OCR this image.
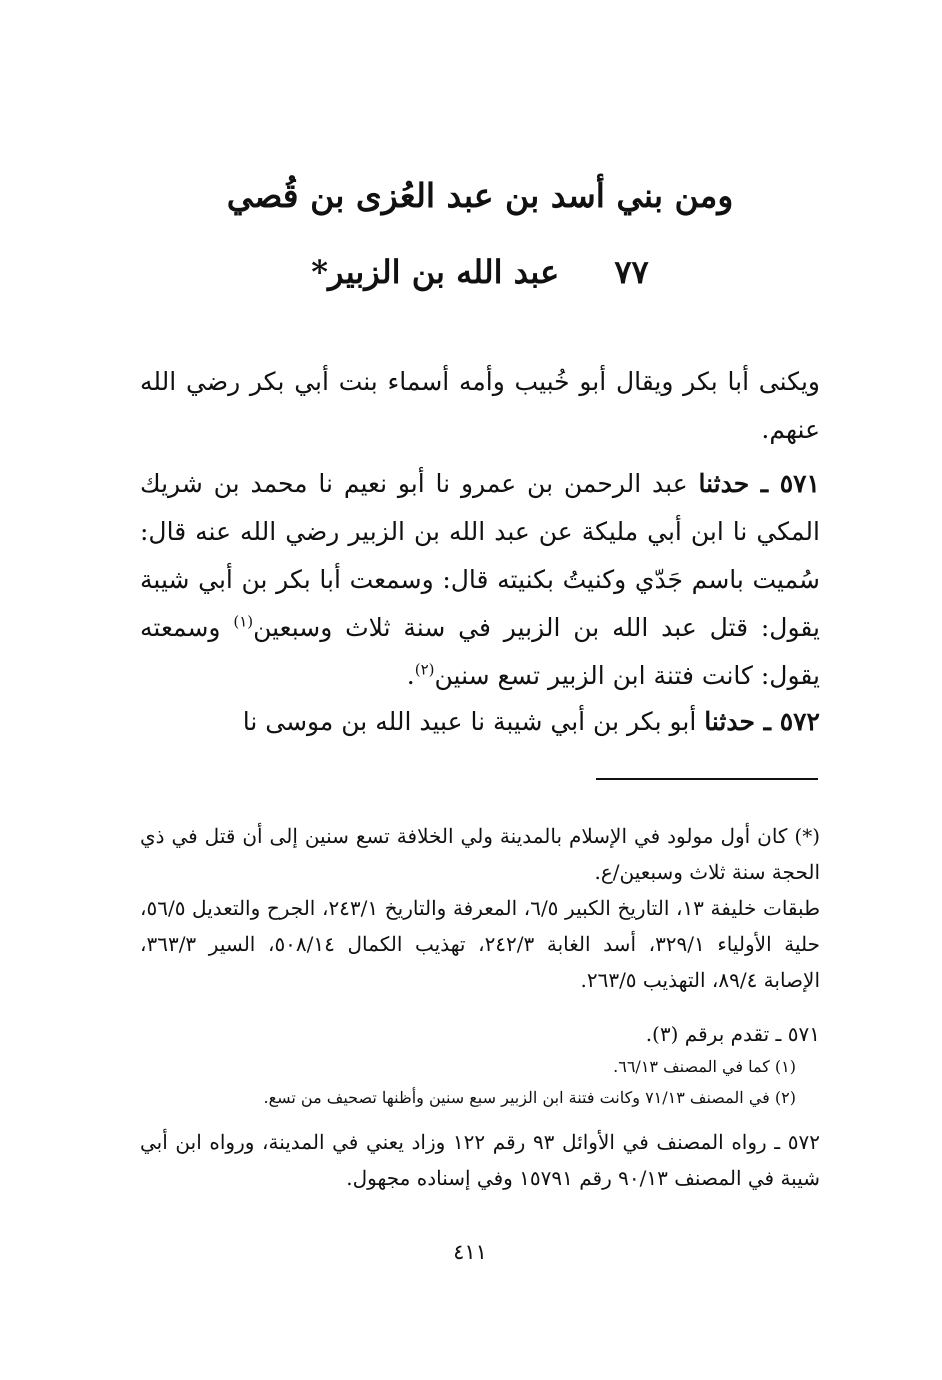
ومن بني أسد بن عبد العُزى بن قُصي
٧٧ عبد الله بن الزبير*

ويكنى أبا بكر ويقال أبو خُبيب وأمه أسماء بنت أبي بكر رضي الله عنهم.

٥٧١ ـ حدثنا عبد الرحمن بن عمرو نا أبو نعيم نا محمد بن شريك المكي نا ابن أبي مليكة عن عبد الله بن الزبير رضي الله عنه قال: سُميت باسم جَدّي وكنيتُ بكنيته قال: وسمعت أبا بكر بن أبي شيبة يقول: قتل عبد الله بن الزبير في سنة ثلاث وسبعين$^{(١)}$ وسمعته يقول: كانت فتنة ابن الزبير تسع سنين$^{(٢)}$.

٥٧٢ ـ حدثنا أبو بكر بن أبي شيبة نا عبيد الله بن موسى نا

(*) كان أول مولود في الإسلام بالمدينة ولي الخلافة تسع سنين إلى أن قتل في ذي الحجة سنة ثلاث وسبعين/ع.

طبقات خليفة ١٣، التاريخ الكبير ٦/٥، المعرفة والتاريخ ٢٤٣/١، الجرح والتعديل ٥٦/٥، حلية الأولياء ٣٢٩/١، أسد الغابة ٢٤٢/٣، تهذيب الكمال ٥٠٨/١٤، السير ٣٦٣/٣، الإصابة ٨٩/٤، التهذيب ٢٦٣/٥.

٥٧١ ـ تقدم برقم (٣).

(١) كما في المصنف ٦٦/١٣.

(٢) في المصنف ٧١/١٣ وكانت فتنة ابن الزبير سبع سنين وأظنها تصحيف من تسع.

٥٧٢ ـ رواه المصنف في الأوائل ٩٣ رقم ١٢٢ وزاد يعني في المدينة، ورواه ابن أبي شيبة في المصنف ٩٠/١٣ رقم ١٥٧٩١ وفي إسناده مجهول.

٤١١
